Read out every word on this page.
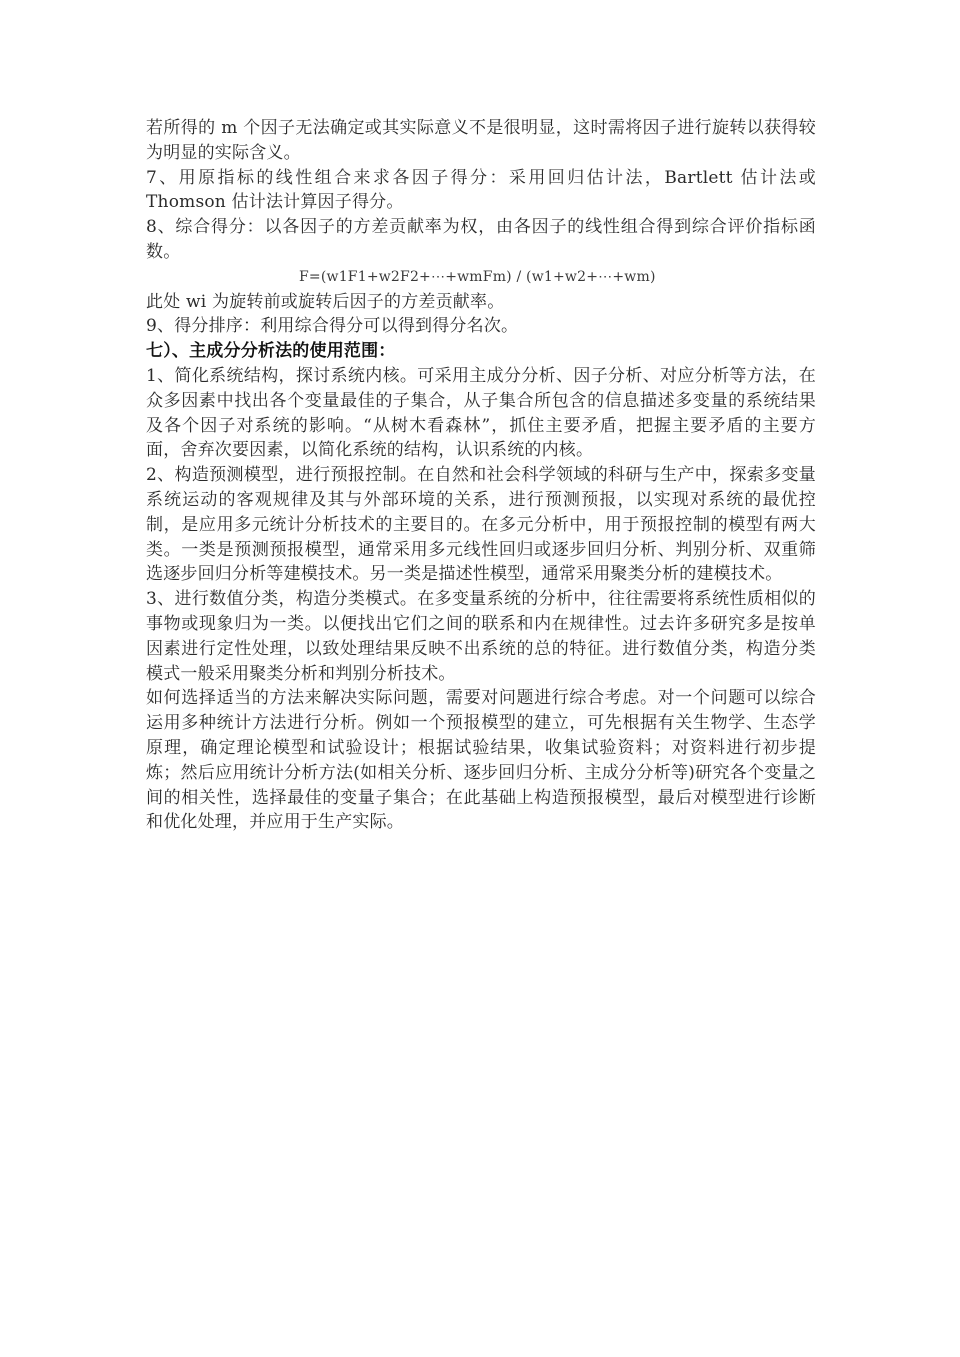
若所得的 m 个因子无法确定或其实际意义不是很明显，这时需将因子进行旋转以获得较为明显的实际含义。

7、用原指标的线性组合来求各因子得分：采用回归估计法，Bartlett 估计法或 Thomson 估计法计算因子得分。

8、综合得分：以各因子的方差贡献率为权，由各因子的线性组合得到综合评价指标函数。

F=(w1F1+w2F2+⋯+wmFm) / (w1+w2+⋯+wm)

此处 wi 为旋转前或旋转后因子的方差贡献率。

9、得分排序：利用综合得分可以得到得分名次。

七）、主成分分析法的使用范围：

1、简化系统结构，探讨系统内核。可采用主成分分析、因子分析、对应分析等方法，在众多因素中找出各个变量最佳的子集合，从子集合所包含的信息描述多变量的系统结果及各个因子对系统的影响。“从树木看森林”，抓住主要矛盾，把握主要矛盾的主要方面，舍弃次要因素，以简化系统的结构，认识系统的内核。

2、构造预测模型，进行预报控制。在自然和社会科学领域的科研与生产中，探索多变量系统运动的客观规律及其与外部环境的关系，进行预测预报，以实现对系统的最优控制，是应用多元统计分析技术的主要目的。在多元分析中，用于预报控制的模型有两大类。一类是预测预报模型，通常采用多元线性回归或逐步回归分析、判别分析、双重筛选逐步回归分析等建模技术。另一类是描述性模型，通常采用聚类分析的建模技术。

3、进行数值分类，构造分类模式。在多变量系统的分析中，往往需要将系统性质相似的事物或现象归为一类。以便找出它们之间的联系和内在规律性。过去许多研究多是按单因素进行定性处理，以致处理结果反映不出系统的总的特征。进行数值分类，构造分类模式一般采用聚类分析和判别分析技术。

如何选择适当的方法来解决实际问题，需要对问题进行综合考虑。对一个问题可以综合运用多种统计方法进行分析。例如一个预报模型的建立，可先根据有关生物学、生态学原理，确定理论模型和试验设计；根据试验结果，收集试验资料；对资料进行初步提炼；然后应用统计分析方法(如相关分析、逐步回归分析、主成分分析等)研究各个变量之间的相关性，选择最佳的变量子集合；在此基础上构造预报模型，最后对模型进行诊断和优化处理，并应用于生产实际。
